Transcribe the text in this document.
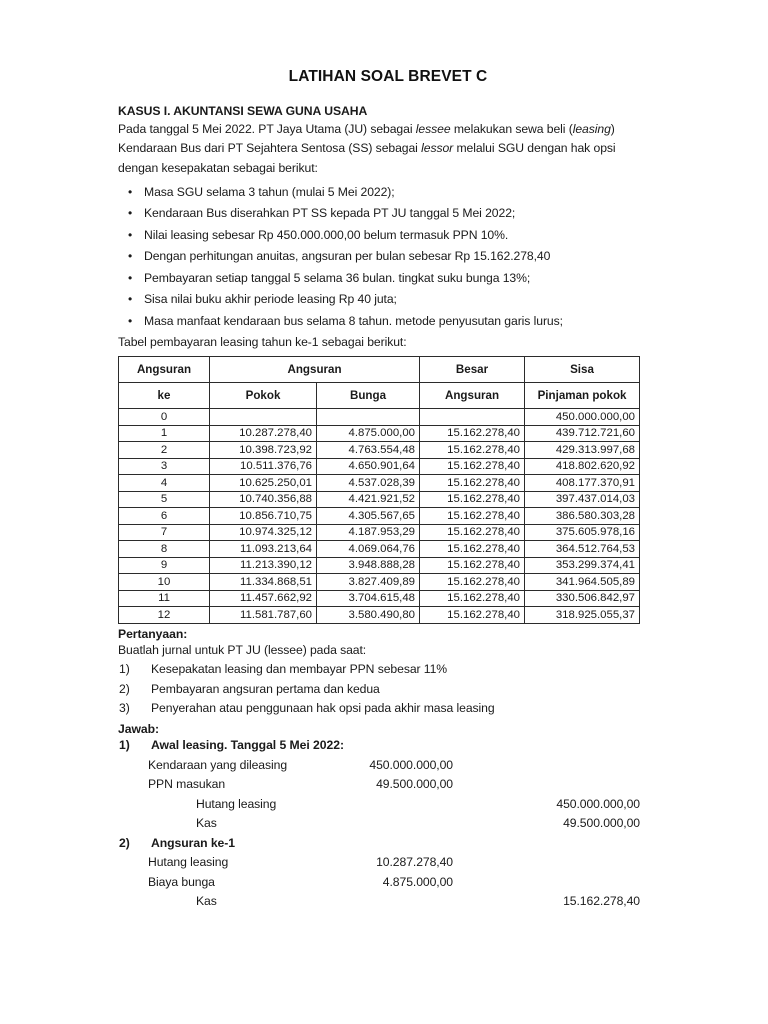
LATIHAN SOAL BREVET C
KASUS I. AKUNTANSI SEWA GUNA USAHA

Pada tanggal 5 Mei 2022. PT Jaya Utama (JU) sebagai lessee melakukan sewa beli (leasing)
Kendaraan Bus dari PT Sejahtera Sentosa (SS) sebagai lessor melalui SGU dengan hak opsi
dengan kesepakatan sebagai berikut:

• Masa SGU selama 3 tahun (mulai 5 Mei 2022);
• Kendaraan Bus diserahkan PT SS kepada PT JU tanggal 5 Mei 2022;
• Nilai leasing sebesar Rp 450.000.000,00 belum termasuk PPN 10%.
• Dengan perhitungan anuitas, angsuran per bulan sebesar Rp 15.162.278,40
• Pembayaran setiap tanggal 5 selama 36 bulan. tingkat suku bunga 13%;
• Sisa nilai buku akhir periode leasing Rp 40 juta;
• Masa manfaat kendaraan bus selama 8 tahun. metode penyusutan garis lurus;
Tabel pembayaran leasing tahun ke-1 sebagai berikut:
Angsuran	Angsuran		Besar	Sisa
ke	Pokok	Bunga	Angsuran	Pinjaman pokok
0				450.000.000,00
1	10.287.278,40	4.875.000,00	15.162.278,40	439.712.721,60
2	10.398.723,92	4.763.554,48	15.162.278,40	429.313.997,68
3	10.511.376,76	4.650.901,64	15.162.278,40	418.802.620,92
4	10.625.250,01	4.537.028,39	15.162.278,40	408.177.370,91
5	10.740.356,88	4.421.921,52	15.162.278,40	397.437.014,03
6	10.856.710,75	4.305.567,65	15.162.278,40	386.580.303,28
7	10.974.325,12	4.187.953,29	15.162.278,40	375.605.978,16
8	11.093.213,64	4.069.064,76	15.162.278,40	364.512.764,53
9	11.213.390,12	3.948.888,28	15.162.278,40	353.299.374,41
10	11.334.868,51	3.827.409,89	15.162.278,40	341.964.505,89
11	11.457.662,92	3.704.615,48	15.162.278,40	330.506.842,97
12	11.581.787,60	3.580.490,80	15.162.278,40	318.925.055,37
Pertanyaan:
Buatlah jurnal untuk PT JU (lessee) pada saat:
1) Kesepakatan leasing dan membayar PPN sebesar 11%
2) Pembayaran angsuran pertama dan kedua
3) Penyerahan atau penggunaan hak opsi pada akhir masa leasing
Jawab:
1) Awal leasing. Tanggal 5 Mei 2022:
Kendaraan yang dileasing	450.000.000,00
PPN masukan	49.500.000,00
Hutang leasing	450.000.000,00
Kas	49.500.000,00
2) Angsuran ke-1
Hutang leasing	10.287.278,40
Biaya bunga	4.875.000,00
Kas	15.162.278,40
